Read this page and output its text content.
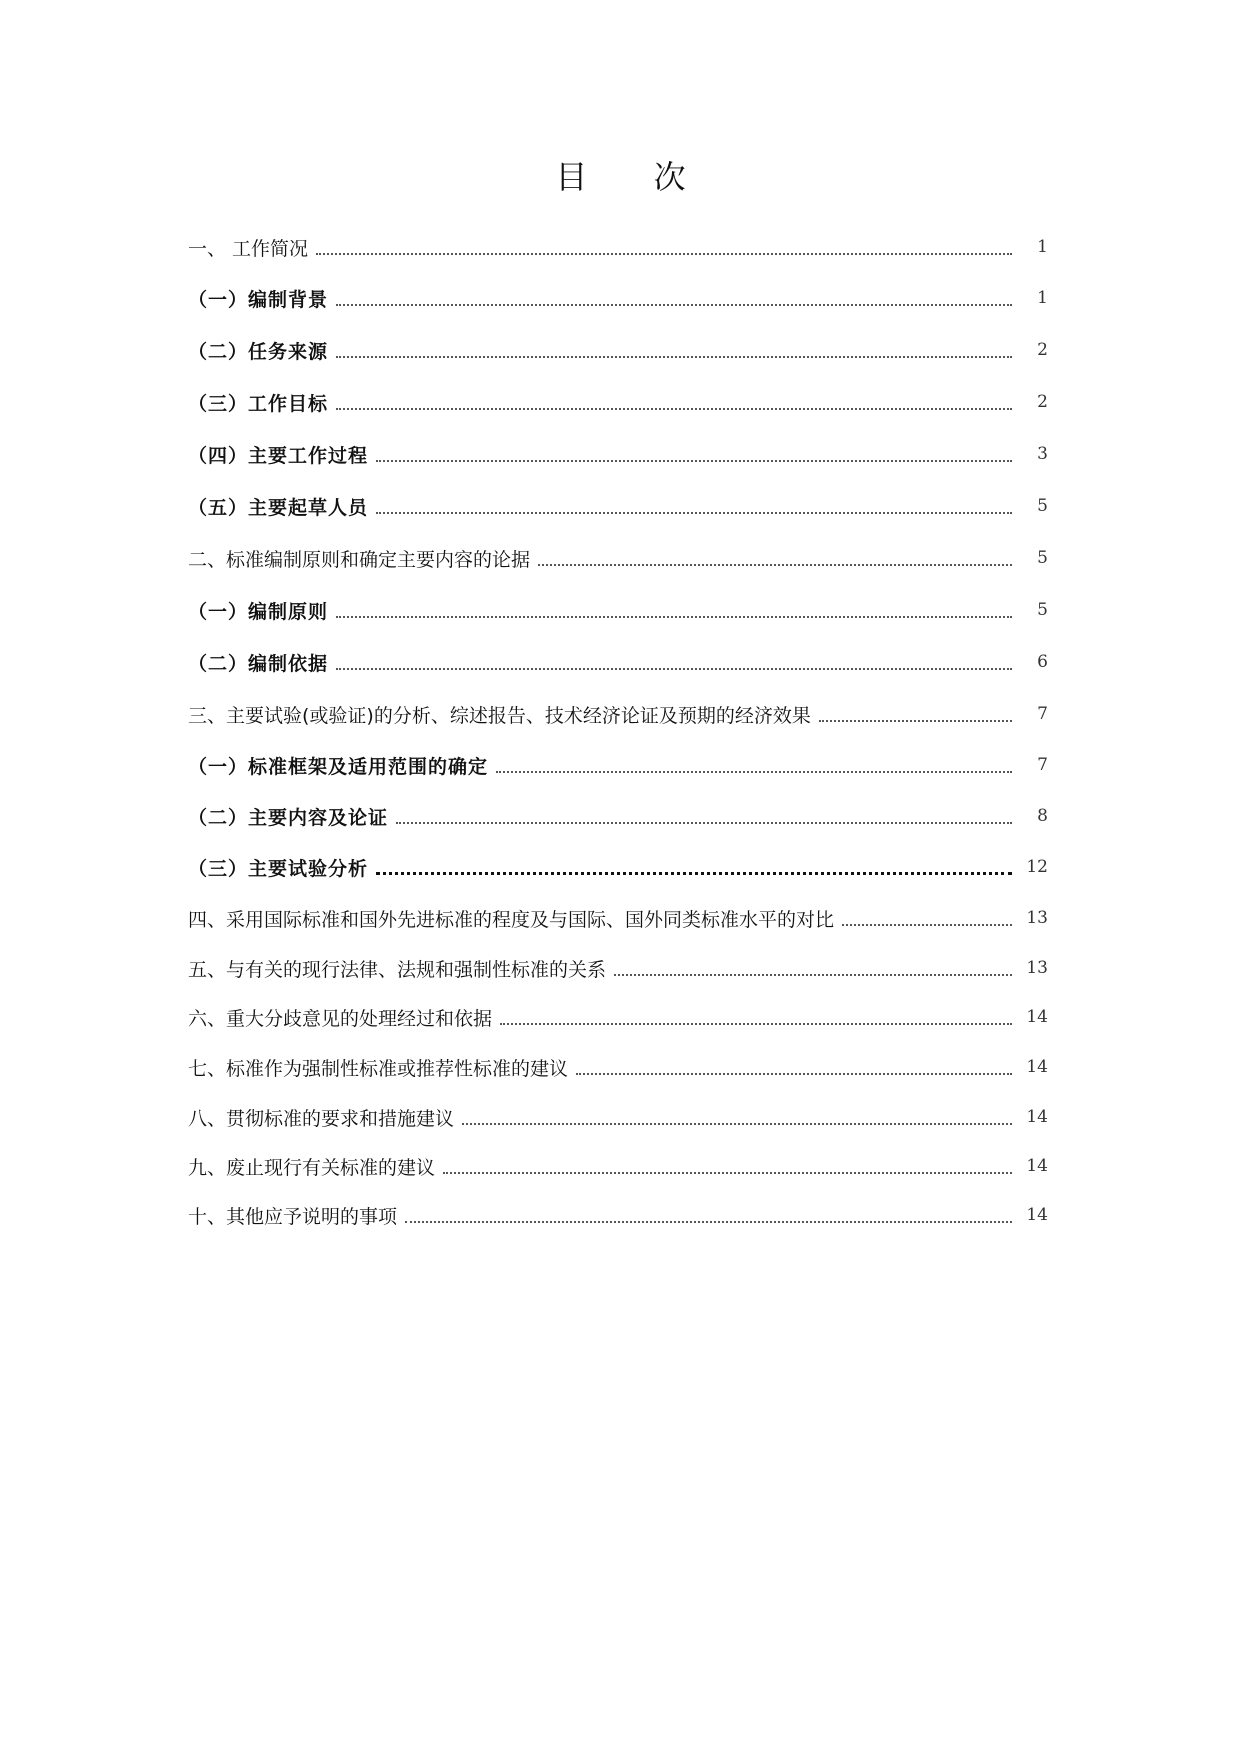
目 次
一、 工作简况	1
（一）编制背景	1
（二）任务来源	2
（三）工作目标	2
（四）主要工作过程	3
（五）主要起草人员	5
二、标准编制原则和确定主要内容的论据	5
（一）编制原则	5
（二）编制依据	6
三、主要试验(或验证)的分析、综述报告、技术经济论证及预期的经济效果	7
（一）标准框架及适用范围的确定	7
（二）主要内容及论证	8
（三）主要试验分析	12
四、采用国际标准和国外先进标准的程度及与国际、国外同类标准水平的对比	13
五、与有关的现行法律、法规和强制性标准的关系	13
六、重大分歧意见的处理经过和依据	14
七、标准作为强制性标准或推荐性标准的建议	14
八、贯彻标准的要求和措施建议	14
九、废止现行有关标准的建议	14
十、其他应予说明的事项	14
